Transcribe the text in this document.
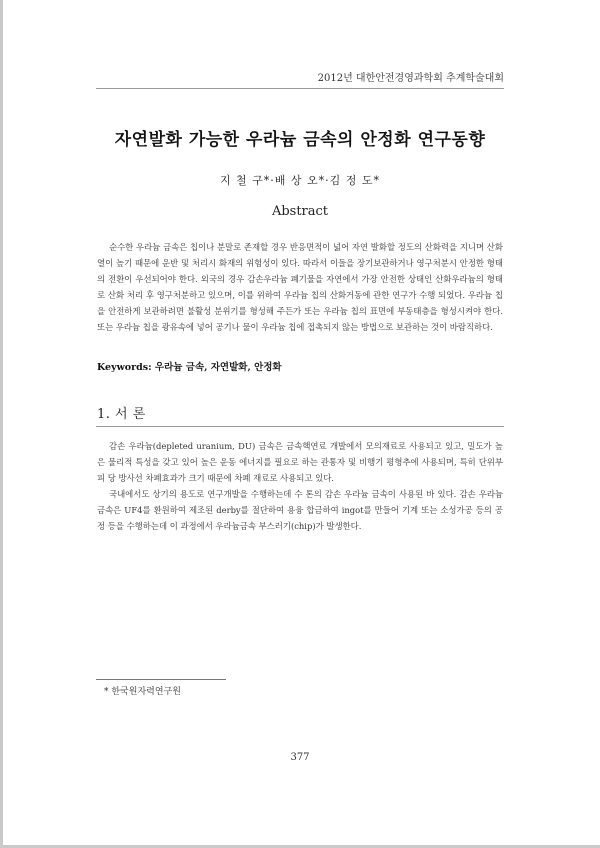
2012년 대한안전경영과학회 추계학술대회
자연발화 가능한 우라늄 금속의 안정화 연구동향
지 철 구*·배 상 오*·김 정 도*
Abstract

순수한 우라늄 금속은 칩이나 분말로 존재할 경우 반응면적이 넓어 자연 발화할 정도의 산화력을 지니며 산화열이 높기 때문에 운반 및 처리시 화재의 위험성이 있다. 따라서 이들을 장기보관하거나 영구처분시 안정한 형태의 전환이 우선되어야 한다. 외국의 경우 감손우라늄 폐기물을 자연에서 가장 안전한 상태인 산화우라늄의 형태로 산화 처리 후 영구처분하고 있으며, 이를 위하여 우라늄 칩의 산화거동에 관한 연구가 수행 되었다. 우라늄 칩을 안전하게 보관하려면 불활성 분위기를 형성해 주든가 또는 우라늄 칩의 표면에 부동태층을 형성시켜야 한다. 또는 우라늄 칩을 광유속에 넣어 공기나 물이 우라늄 칩에 접촉되지 않는 방법으로 보관하는 것이 바람직하다.

Keywords: 우라늄 금속, 자연발화, 안정화
1. 서 론

감손 우라늄(depleted uranium, DU) 금속은 금속핵연료 개발에서 모의재료로 사용되고 있고, 밀도가 높은 물리적 특성을 갖고 있어 높은 운동 에너지를 필요로 하는 관통자 및 비행기 평형추에 사용되며, 특히 단위부피 당 방사선 차폐효과가 크기 때문에 차폐 재료로 사용되고 있다.

국내에서도 상기의 용도로 연구개발을 수행하는데 수 톤의 감손 우라늄 금속이 사용된 바 있다. 감손 우라늄 금속은 UF4를 환원하여 제조된 derby를 절단하여 용융 합금하여 ingot를 만들어 기계 또는 소성가공 등의 공정 등을 수행하는데 이 과정에서 우라늄금속 부스러기(chip)가 발생한다.

* 한국원자력연구원
377
